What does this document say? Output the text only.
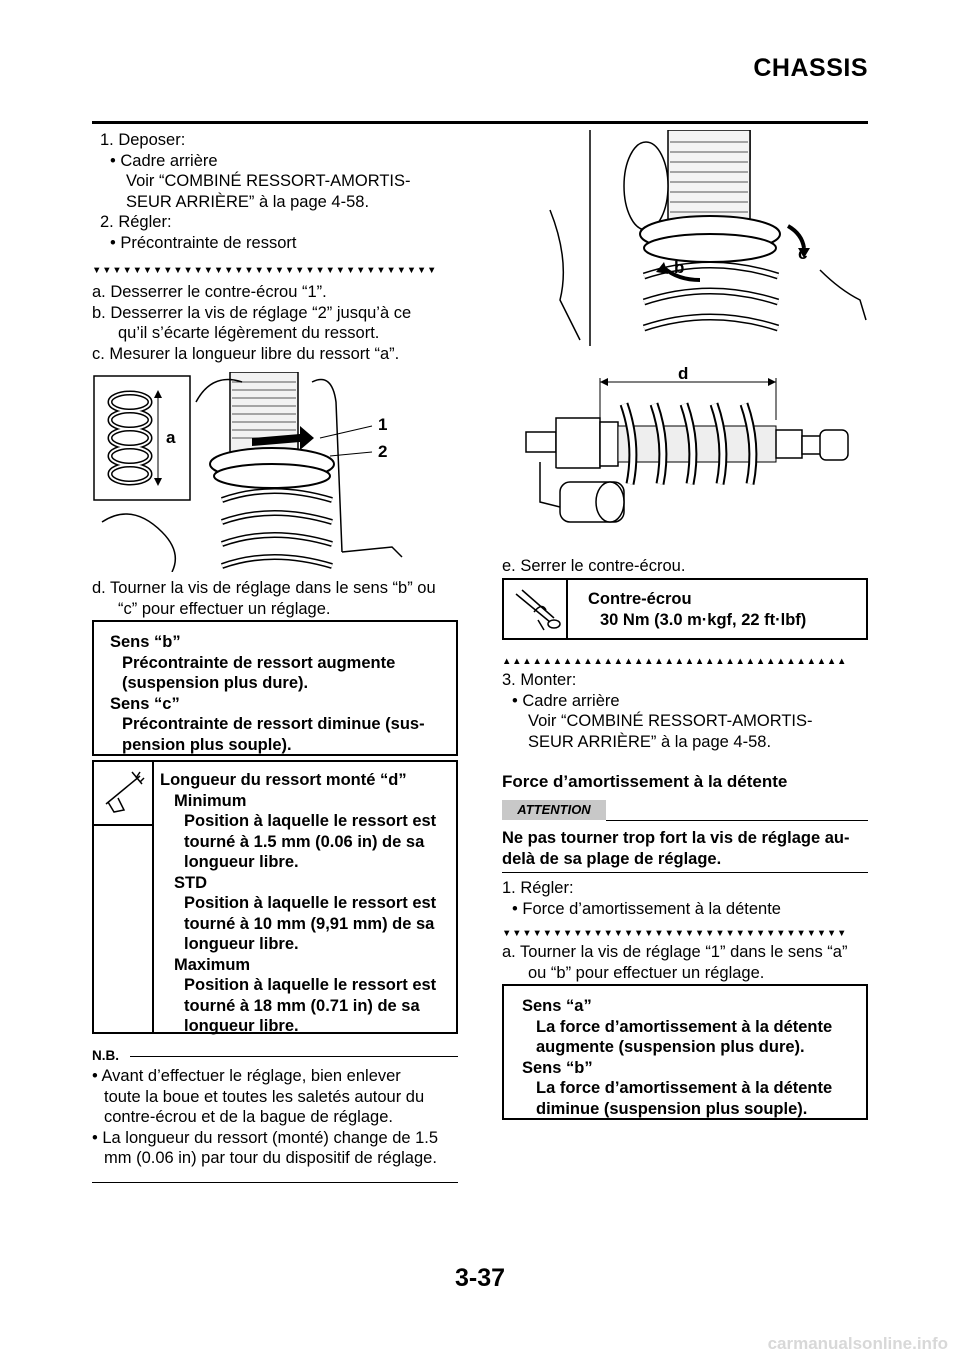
CHASSIS
1. Deposer:
• Cadre arrière
Voir “COMBINÉ RESSORT-AMORTIS-
SEUR ARRIÈRE” à la page 4-58.
2. Régler:
• Précontrainte de ressort
▼▼▼▼▼▼▼▼▼▼▼▼▼▼▼▼▼▼▼▼▼▼▼▼▼▼▼▼▼▼▼▼▼▼
a. Desserrer le contre-écrou “1”.
b. Desserrer la vis de réglage “2” jusqu’à ce
qu’il s’écarte légèrement du ressort.
c. Mesurer la longueur libre du ressort “a”.
a
1
2
d. Tourner la vis de réglage dans le sens “b” ou
“c” pour effectuer un réglage.
Sens “b”
Précontrainte de ressort augmente
(suspension plus dure).
Sens “c”
Précontrainte de ressort diminue (sus-
pension plus souple).
Longueur du ressort monté “d”
Minimum
Position à laquelle le ressort est
tourné à 1.5 mm (0.06 in) de sa
longueur libre.
STD
Position à laquelle le ressort est
tourné à 10 mm (9,91 mm) de sa
longueur libre.
Maximum
Position à laquelle le ressort est
tourné à 18 mm (0.71 in) de sa
longueur libre.
N.B.
• Avant d’effectuer le réglage, bien enlever
toute la boue et toutes les saletés autour du
contre-écrou et de la bague de réglage.
• La longueur du ressort (monté) change de 1.5
mm (0.06 in) par tour du dispositif de réglage.
b
c
d
e. Serrer le contre-écrou.
Contre-écrou
30 Nm (3.0 m·kgf, 22 ft·lbf)
▲▲▲▲▲▲▲▲▲▲▲▲▲▲▲▲▲▲▲▲▲▲▲▲▲▲▲▲▲▲▲▲▲▲
3. Monter:
• Cadre arrière
Voir “COMBINÉ RESSORT-AMORTIS-
SEUR ARRIÈRE” à la page 4-58.
Force d’amortissement à la détente
ATTENTION
Ne pas tourner trop fort la vis de réglage au-
delà de sa plage de réglage.
1. Régler:
• Force d’amortissement à la détente
▼▼▼▼▼▼▼▼▼▼▼▼▼▼▼▼▼▼▼▼▼▼▼▼▼▼▼▼▼▼▼▼▼▼
a. Tourner la vis de réglage “1” dans le sens “a”
ou “b” pour effectuer un réglage.
Sens “a”
La force d’amortissement à la détente
augmente (suspension plus dure).
Sens “b”
La force d’amortissement à la détente
diminue (suspension plus souple).
3-37
carmanualsonline.info
